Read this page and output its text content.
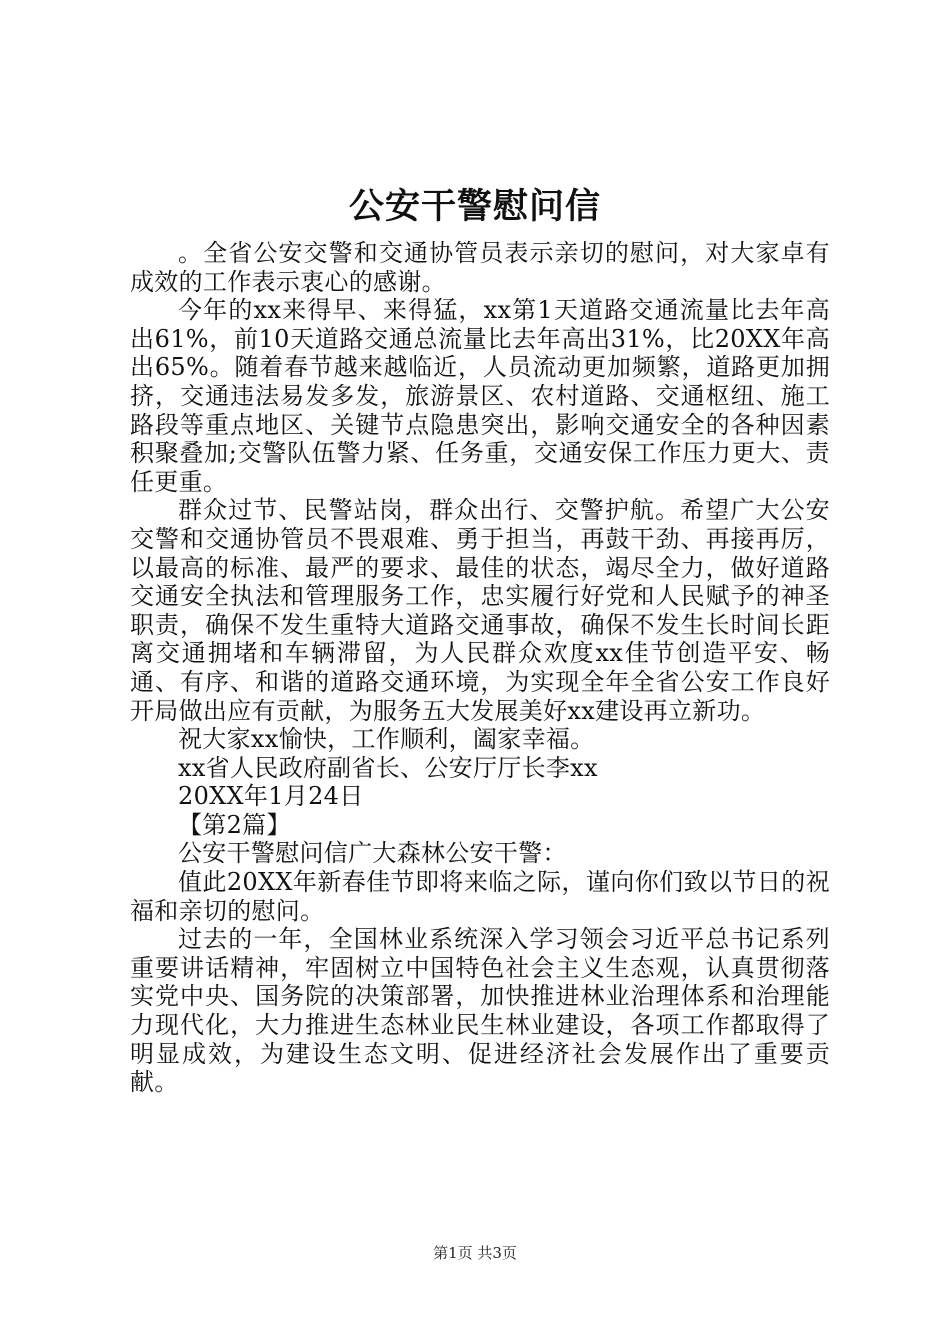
公安干警慰问信

。全省公安交警和交通协管员表示亲切的慰问，对大家卓有成效的工作表示衷心的感谢。

今年的xx来得早、来得猛，xx第1天道路交通流量比去年高出61%，前10天道路交通总流量比去年高出31%，比20XX年高出65%。随着春节越来越临近，人员流动更加频繁，道路更加拥挤，交通违法易发多发，旅游景区、农村道路、交通枢纽、施工路段等重点地区、关键节点隐患突出，影响交通安全的各种因素积聚叠加;交警队伍警力紧、任务重，交通安保工作压力更大、责任更重。

群众过节、民警站岗，群众出行、交警护航。希望广大公安交警和交通协管员不畏艰难、勇于担当，再鼓干劲、再接再厉，以最高的标准、最严的要求、最佳的状态，竭尽全力，做好道路交通安全执法和管理服务工作，忠实履行好党和人民赋予的神圣职责，确保不发生重特大道路交通事故，确保不发生长时间长距离交通拥堵和车辆滞留，为人民群众欢度xx佳节创造平安、畅通、有序、和谐的道路交通环境，为实现全年全省公安工作良好开局做出应有贡献，为服务五大发展美好xx建设再立新功。

祝大家xx愉快，工作顺利，阖家幸福。

xx省人民政府副省长、公安厅厅长李xx

20XX年1月24日

【第2篇】

公安干警慰问信广大森林公安干警：

值此20XX年新春佳节即将来临之际，谨向你们致以节日的祝福和亲切的慰问。

过去的一年，全国林业系统深入学习领会习近平总书记系列重要讲话精神，牢固树立中国特色社会主义生态观，认真贯彻落实党中央、国务院的决策部署，加快推进林业治理体系和治理能力现代化，大力推进生态林业民生林业建设，各项工作都取得了明显成效，为建设生态文明、促进经济社会发展作出了重要贡献。

第1页 共3页
